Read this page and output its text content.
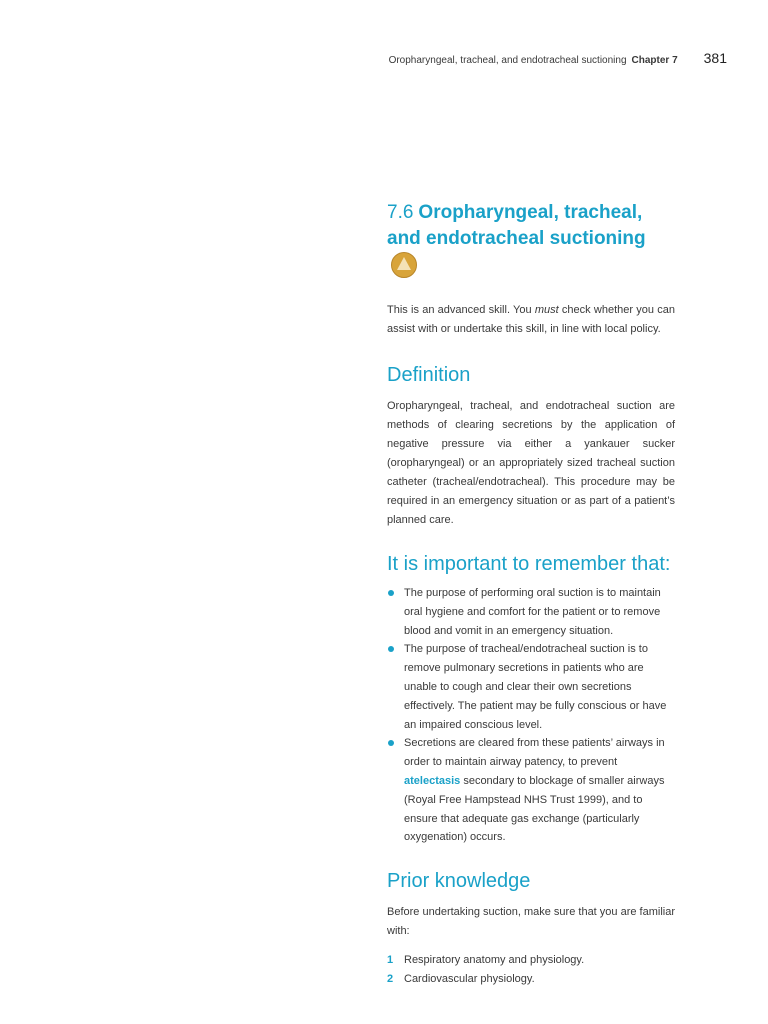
Oropharyngeal, tracheal, and endotracheal suctioning Chapter 7 381
7.6 Oropharyngeal, tracheal, and endotracheal suctioning

This is an advanced skill. You must check whether you can assist with or undertake this skill, in line with local policy.

Definition

Oropharyngeal, tracheal, and endotracheal suction are methods of clearing secretions by the application of negative pressure via either a yankauer sucker (oropharyngeal) or an appropriately sized tracheal suction catheter (tracheal/endotracheal). This procedure may be required in an emergency situation or as part of a patient’s planned care.

It is important to remember that:
The purpose of performing oral suction is to maintain oral hygiene and comfort for the patient or to remove blood and vomit in an emergency situation.
The purpose of tracheal/endotracheal suction is to remove pulmonary secretions in patients who are unable to cough and clear their own secretions effectively. The patient may be fully conscious or have an impaired conscious level.
Secretions are cleared from these patients’ airways in order to maintain airway patency, to prevent atelectasis secondary to blockage of smaller airways (Royal Free Hampstead NHS Trust 1999), and to ensure that adequate gas exchange (particularly oxygenation) occurs.
Prior knowledge

Before undertaking suction, make sure that you are familiar with:

1 Respiratory anatomy and physiology.
2 Cardiovascular physiology.
